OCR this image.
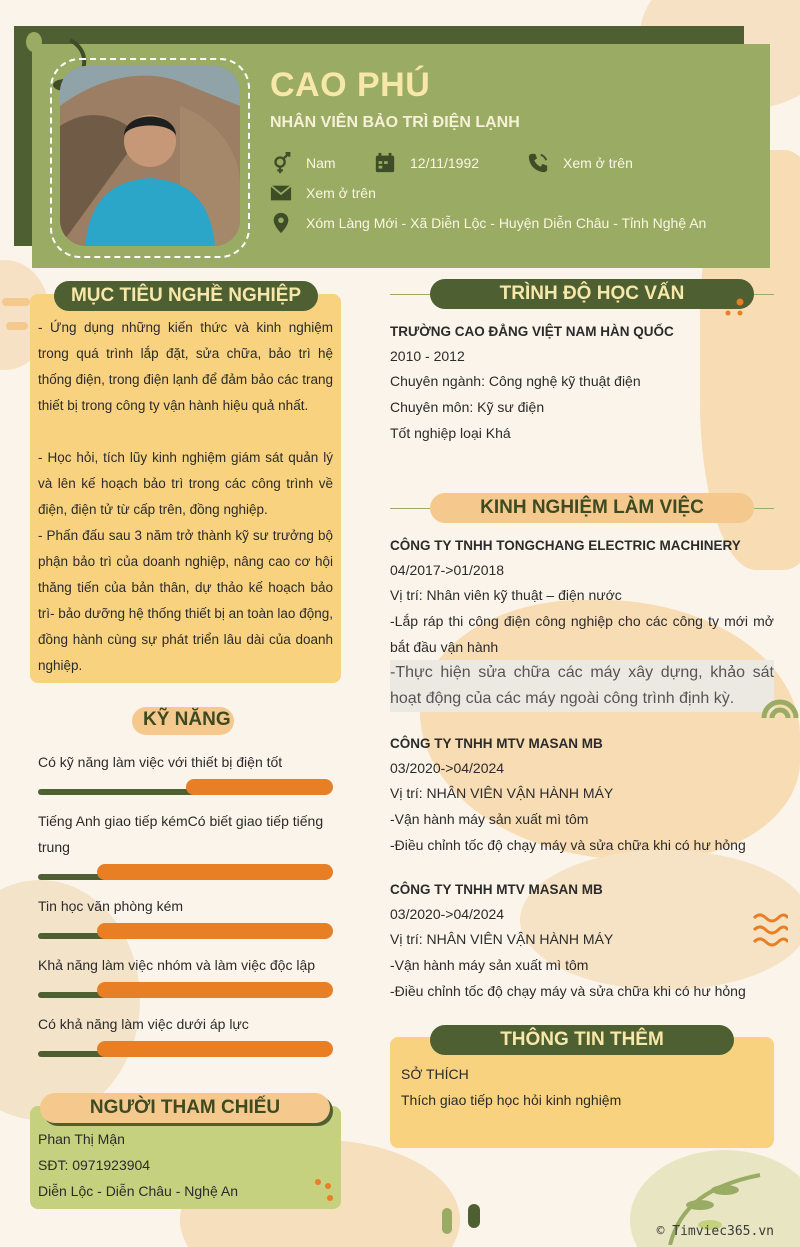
CAO PHÚ
NHÂN VIÊN BẢO TRÌ ĐIỆN LẠNH
Nam	12/11/1992	Xem ở trên
Xem ở trên
Xóm Làng Mới - Xã Diễn Lộc - Huyện Diễn Châu - Tỉnh Nghệ An
MỤC TIÊU NGHỀ NGHIỆP
- Ứng dụng những kiến thức và kinh nghiệm trong quá trình lắp đặt, sửa chữa, bảo trì hệ thống điện, trong điện lạnh để đảm bảo các trang thiết bị trong công ty vận hành hiệu quả nhất.
- Học hỏi, tích lũy kinh nghiệm giám sát quản lý và lên kế hoạch bảo trì trong các công trình về điện, điện tử từ cấp trên, đồng nghiệp.
- Phấn đấu sau 3 năm trở thành kỹ sư trưởng bộ phận bảo trì của doanh nghiệp, nâng cao cơ hội thăng tiến của bản thân, dự thảo kế hoạch bảo trì- bảo dưỡng hệ thống thiết bị an toàn lao động, đồng hành cùng sự phát triển lâu dài của doanh nghiệp.
KỸ NĂNG
Có kỹ năng làm việc với thiết bị điện tốt
Tiếng Anh giao tiếp kémCó biết giao tiếp tiếng trung
Tin học văn phòng kém
Khả năng làm việc nhóm và làm việc độc lập
Có khả năng làm việc dưới áp lực
NGƯỜI THAM CHIẾU
Phan Thị Mận
SĐT: 0971923904
Diễn Lộc - Diễn Châu - Nghệ An
TRÌNH ĐỘ HỌC VẤN
TRƯỜNG CAO ĐẲNG VIỆT NAM HÀN QUỐC
2010 - 2012
Chuyên ngành: Công nghệ kỹ thuật điện
Chuyên môn: Kỹ sư điện
Tốt nghiệp loại Khá
KINH NGHIỆM LÀM VIỆC
CÔNG TY TNHH TONGCHANG ELECTRIC MACHINERY
04/2017->01/2018
Vị trí: Nhân viên kỹ thuật – điện nước
-Lắp ráp thi công điện công nghiệp cho các công ty mới mở bắt đầu vận hành
-Thực hiện sửa chữa các máy xây dựng, khảo sát hoạt động của các máy ngoài công trình định kỳ.
CÔNG TY TNHH MTV MASAN MB
03/2020->04/2024
Vị trí: NHÂN VIÊN VẬN HÀNH MÁY
-Vận hành máy sản xuất mì tôm
-Điều chỉnh tốc độ chạy máy và sửa chữa khi có hư hỏng
CÔNG TY TNHH MTV MASAN MB
03/2020->04/2024
Vị trí: NHÂN VIÊN VẬN HÀNH MÁY
-Vận hành máy sản xuất mì tôm
-Điều chỉnh tốc độ chạy máy và sửa chữa khi có hư hỏng
THÔNG TIN THÊM
SỞ THÍCH
Thích giao tiếp học hỏi kinh nghiệm
© Timviec365.vn
